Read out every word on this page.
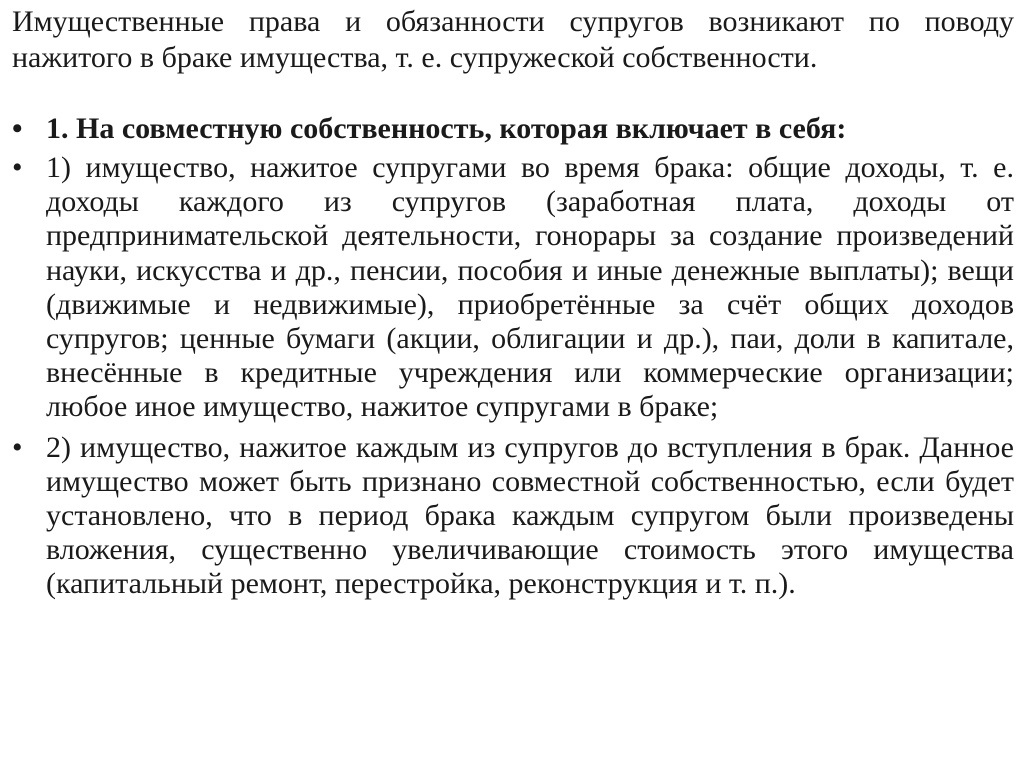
Имущественные права и обязанности супругов возникают по поводу нажитого в браке имущества, т. е. супружеской собственности.

• 1. На совместную собственность, которая включает в себя:
• 1) имущество, нажитое супругами во время брака: общие доходы, т. е. доходы каждого из супругов (заработная плата, доходы от предпринимательской деятельности, гонорары за создание произведений науки, искусства и др., пенсии, пособия и иные денежные выплаты); вещи (движимые и недвижимые), приобретённые за счёт общих доходов супругов; ценные бумаги (акции, облигации и др.), паи, доли в капитале, внесённые в кредитные учреждения или коммерческие организации; любое иное имущество, нажитое супругами в браке;
• 2) имущество, нажитое каждым из супругов до вступления в брак. Данное имущество может быть признано совместной собственностью, если будет установлено, что в период брака каждым супругом были произведены вложения, существенно увеличивающие стоимость этого имущества (капитальный ремонт, перестройка, реконструкция и т. п.).
